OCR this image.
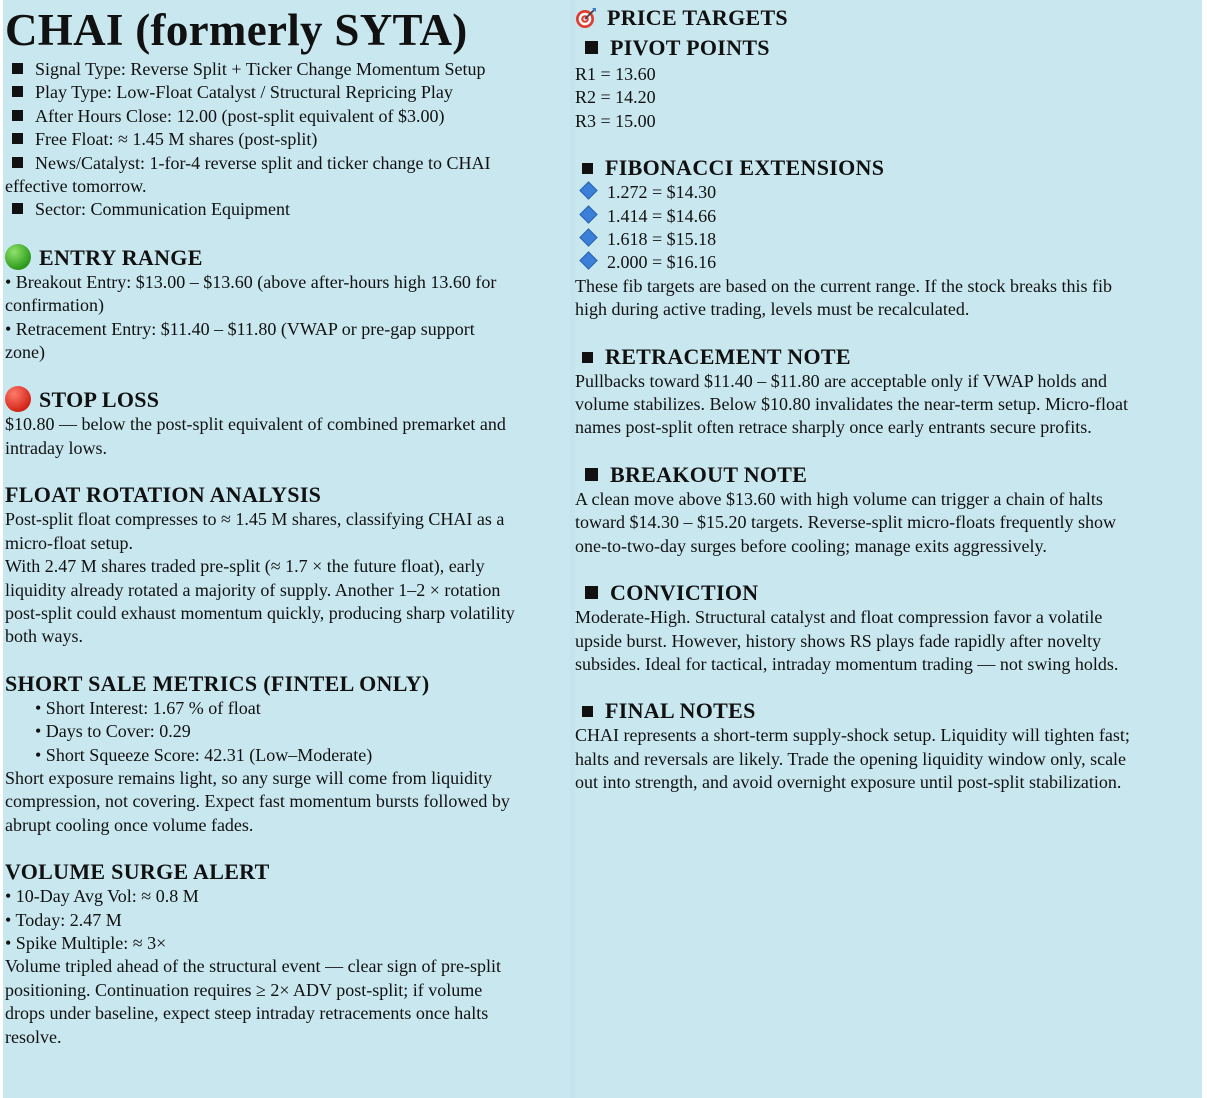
CHAI (formerly SYTA)
Signal Type: Reverse Split + Ticker Change Momentum Setup
Play Type: Low-Float Catalyst / Structural Repricing Play
After Hours Close: 12.00 (post-split equivalent of $3.00)
Free Float: ≈ 1.45 M shares (post-split)
News/Catalyst: 1-for-4 reverse split and ticker change to CHAI
effective tomorrow.
Sector: Communication Equipment
ENTRY RANGE
• Breakout Entry: $13.00 – $13.60 (above after-hours high 13.60 for
confirmation)
• Retracement Entry: $11.40 – $11.80 (VWAP or pre-gap support
zone)
STOP LOSS
$10.80 — below the post-split equivalent of combined premarket and
intraday lows.
FLOAT ROTATION ANALYSIS
Post-split float compresses to ≈ 1.45 M shares, classifying CHAI as a
micro-float setup.
With 2.47 M shares traded pre-split (≈ 1.7 × the future float), early
liquidity already rotated a majority of supply. Another 1–2 × rotation
post-split could exhaust momentum quickly, producing sharp volatility
both ways.
SHORT SALE METRICS (FINTEL ONLY)
• Short Interest: 1.67 % of float
• Days to Cover: 0.29
• Short Squeeze Score: 42.31 (Low–Moderate)
Short exposure remains light, so any surge will come from liquidity
compression, not covering. Expect fast momentum bursts followed by
abrupt cooling once volume fades.
VOLUME SURGE ALERT
• 10-Day Avg Vol: ≈ 0.8 M
• Today: 2.47 M
• Spike Multiple: ≈ 3×
Volume tripled ahead of the structural event — clear sign of pre-split
positioning. Continuation requires ≥ 2× ADV post-split; if volume
drops under baseline, expect steep intraday retracements once halts
resolve.
PRICE TARGETS
PIVOT POINTS
R1 = 13.60
R2 = 14.20
R3 = 15.00
FIBONACCI EXTENSIONS
1.272 = $14.30
1.414 = $14.66
1.618 = $15.18
2.000 = $16.16
These fib targets are based on the current range. If the stock breaks this fib
high during active trading, levels must be recalculated.
RETRACEMENT NOTE
Pullbacks toward $11.40 – $11.80 are acceptable only if VWAP holds and
volume stabilizes. Below $10.80 invalidates the near-term setup. Micro-float
names post-split often retrace sharply once early entrants secure profits.
BREAKOUT NOTE
A clean move above $13.60 with high volume can trigger a chain of halts
toward $14.30 – $15.20 targets. Reverse-split micro-floats frequently show
one-to-two-day surges before cooling; manage exits aggressively.
CONVICTION
Moderate-High. Structural catalyst and float compression favor a volatile
upside burst. However, history shows RS plays fade rapidly after novelty
subsides. Ideal for tactical, intraday momentum trading — not swing holds.
FINAL NOTES
CHAI represents a short-term supply-shock setup. Liquidity will tighten fast;
halts and reversals are likely. Trade the opening liquidity window only, scale
out into strength, and avoid overnight exposure until post-split stabilization.
